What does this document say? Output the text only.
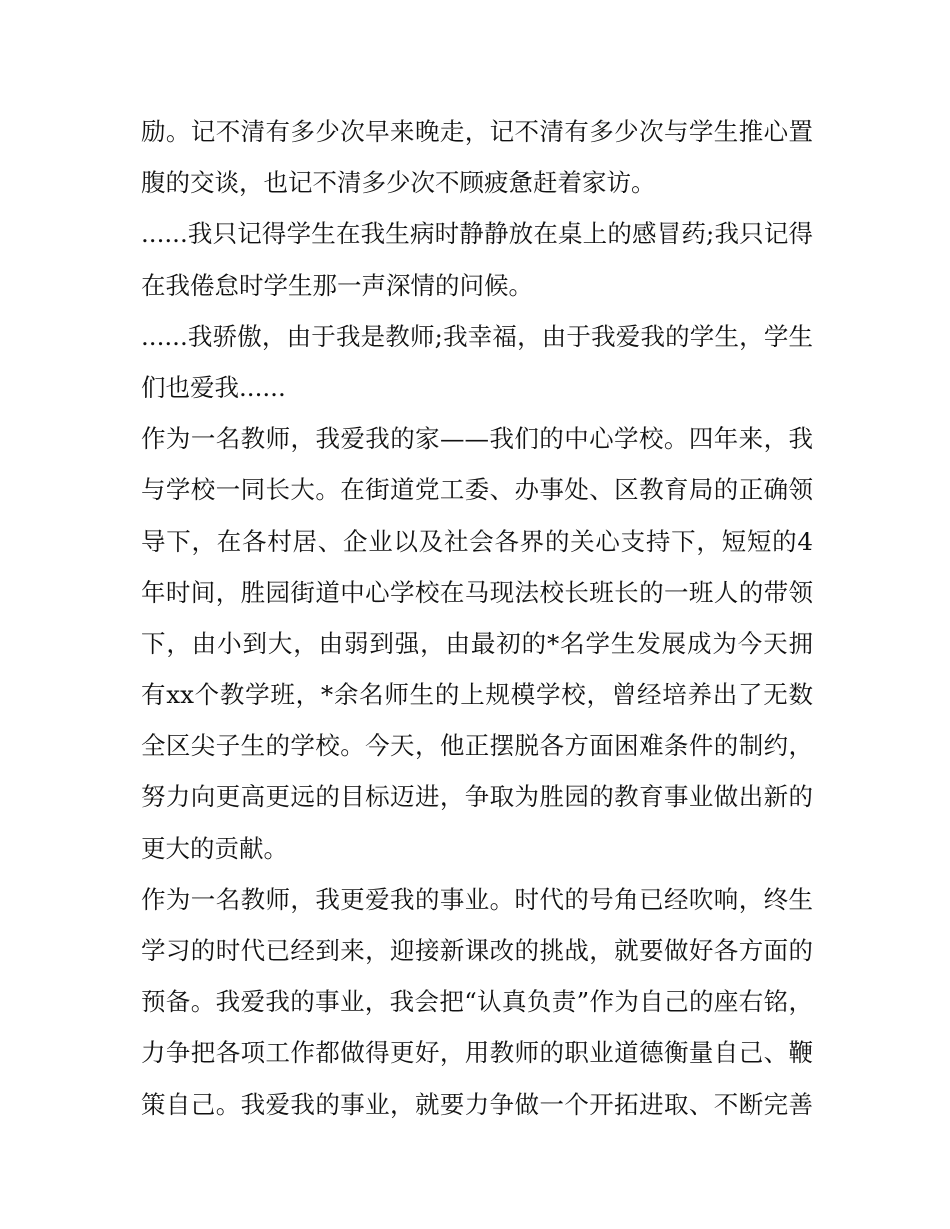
励。记不清有多少次早来晚走，记不清有多少次与学生推心置
腹的交谈，也记不清多少次不顾疲惫赶着家访。
......我只记得学生在我生病时静静放在桌上的感冒药;我只记得
在我倦怠时学生那一声深情的问候。
......我骄傲，由于我是教师;我幸福，由于我爱我的学生，学生
们也爱我......
作为一名教师，我爱我的家——我们的中心学校。四年来，我
与学校一同长大。在街道党工委、办事处、区教育局的正确领
导下，在各村居、企业以及社会各界的关心支持下，短短的4
年时间，胜园街道中心学校在马现法校长班长的一班人的带领
下，由小到大，由弱到强，由最初的*名学生发展成为今天拥
有xx个教学班，*余名师生的上规模学校，曾经培养出了无数
全区尖子生的学校。今天，他正摆脱各方面困难条件的制约，
努力向更高更远的目标迈进，争取为胜园的教育事业做出新的
更大的贡献。
作为一名教师，我更爱我的事业。时代的号角已经吹响，终生
学习的时代已经到来，迎接新课改的挑战，就要做好各方面的
预备。我爱我的事业，我会把“认真负责”作为自己的座右铭，
力争把各项工作都做得更好，用教师的职业道德衡量自己、鞭
策自己。我爱我的事业，就要力争做一个开拓进取、不断完善
